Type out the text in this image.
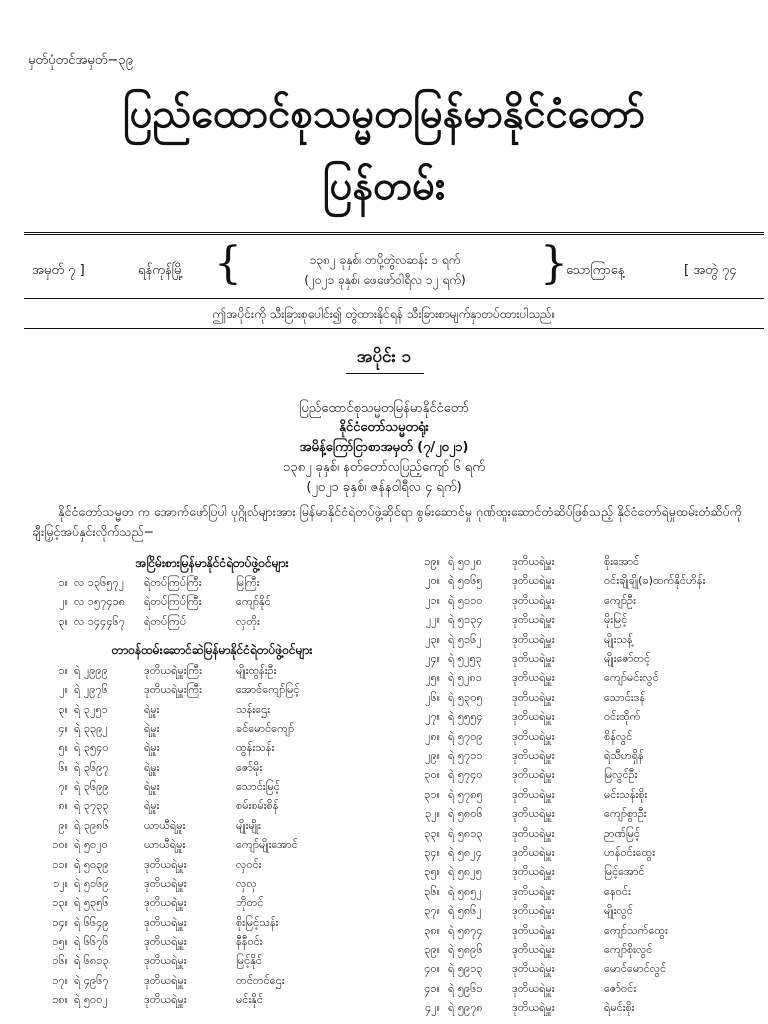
မှတ်ပုံတင်အမှတ်−၃၉
ပြည်ထောင်စုသမ္မတမြန်မာနိုင်ငံတော်
ပြန်တမ်း
အမှတ် ၇ ]	ရန်ကုန်မြို့ {	၁၃၈၂ ခုနှစ်၊ တပို့တွဲလဆန်း ၁ ရက်
(၂၀၂၁ ခုနှစ်၊ ဖေဖော်ဝါရီလ ၁၂ ရက်)	}
သောကြာနေ့	[ အတွဲ ၇၄
ဤအပိုင်းကို သီးခြားစုပေါင်း၍ တွဲထားနိုင်ရန် သီးခြားစာမျက်နှာတပ်ထားပါသည်။
အပိုင်း ၁
ပြည်ထောင်စုသမ္မတမြန်မာနိုင်ငံတော်
နိုင်ငံတော်သမ္မတရုံး
အမိန့်ကြော်ငြာစာအမှတ် (၇/၂၀၂၁)
၁၃၈၂ ခုနှစ်၊ နတ်တော်လပြည့်ကျော် ၆ ရက်
(၂၀၂၁ ခုနှစ်၊ ဇန်နဝါရီလ ၄ ရက်)
နိုင်ငံတော်သမ္မတ က အောက်ဖော်ပြပါ ပုဂ္ဂိုလ်များအား မြန်မာနိုင်ငံရဲတပ်ဖွဲ့ဆိုင်ရာ စွမ်းဆောင်မှု ဂုဏ်ထူးဆောင်တံဆိပ်ဖြစ်သည့် နိုင်ငံတော်ရဲမှုထမ်းတံဆိပ်ကို ချီးမြှင့်အပ်နှင်းလိုက်သည်−
အငြိမ်းစားမြန်မာနိုင်ငံရဲတပ်ဖွဲ့ဝင်များ
၁။ လ ၁၃၆၅၇၂ ရဲတပ်ကြပ်ကြီး	မြကြီး
၂။ လ ၁၅၇၄၁၈ ရဲတပ်ကြပ်ကြီး	ကျော်နိုင်
၃။ လ ၁၄၄၄၆၇ ရဲတပ်ကြပ်	လှတိုး
တာဝန်ထမ်းဆောင်ဆဲမြန်မာနိုင်ငံရဲတပ်ဖွဲ့ဝင်များ
၁။ ရဲ ၂၉၉၉	ဒုတိယရဲမှူးကြီး	မျိုးထွန်းဦး
၂။ ရဲ ၂၉၇၆	ဒုတိယရဲမှူးကြီး	အောင်ကျော်မြင့်
၃။ ရဲ ၃၂၅၁	ရဲမှူး	သန်းဌေး
၄။ ရဲ ၃၃၉၂	ရဲမှူး	ခင်မောင်ကျော်
၅။ ရဲ ၃၅၄၀	ရဲမှူး	ထွန်းသန်း
၆။ ရဲ ၃၆၉၇	ရဲမှူး	ဇော်မိုး
၇။ ရဲ ၃၆၉၉	ရဲမှူး	သောင်းမြင့်
၈။ ရဲ ၃၇၃၃	ရဲမှူး	စမ်းစမ်းစိန်
၉။ ရဲ ၃၉၈၆	ယာယီရဲမှူး	မျိုးမျိုး
၁၀။ ရဲ ၅၀၂၀	ယာယီရဲမှူး	ကျော်မျိုးအောင်
၁၁။ ရဲ ၅၀၃၉	ဒုတိယရဲမှူး	လှဝင်း
၁၂။ ရဲ ၅၁၆၉	ဒုတိယရဲမှူး	လှလှ
၁၃။ ရဲ ၅၃၅၆	ဒုတိယရဲမှူး	ဘိုတင်
၁၄။ ရဲ ၆၆၄၉	ဒုတိယရဲမှူး	စိုးမြင့်သန်း
၁၅။ ရဲ ၆၆၇၆	ဒုတိယရဲမှူး	နီနီဝင်း
၁၆။ ရဲ ၆၈၁၃	ဒုတိယရဲမှူး	မြင့်နိုင်
၁၇။ ရဲ ၄၉၆၇	ဒုတိယရဲမှူး	တင်တင်ဌေး
၁၈။ ရဲ ၅၀၀၂	ဒုတိယရဲမှူး	မင်းနိုင်
၁၉။ ရဲ ၅၀၂၈	ဒုတိယရဲမှူး	စိုးအောင်
၂၀။ ရဲ ၅၀၆၅	ဒုတိယရဲမှူး	ဝင်းချိုချို(ခ)ထက်နိုင်ဟိန်း
၂၁။ ရဲ ၅၁၁၀	ဒုတိယရဲမှူး	ကျော်ဦး
၂၂။ ရဲ ၅၁၃၄	ဒုတိယရဲမှူး	မိုးမြင့်
၂၃။ ရဲ ၅၁၆၂	ဒုတိယရဲမှူး	မျိုးသန့်
၂၄။ ရဲ ၅၂၅၃	ဒုတိယရဲမှူး	မျိုးဇော်တင့်
၂၅။ ရဲ ၅၂၈၁	ဒုတိယရဲမှူး	ကျော်မင်းလွင်
၂၆။ ရဲ ၅၃၀၅	ဒုတိယရဲမှူး	သောင်းဒန်
၂၇။ ရဲ ၅၅၅၄	ဒုတိယရဲမှူး	ဝင်းထိုက်
၂၈။ ရဲ ၅၇၀၉	ဒုတိယရဲမှူး	စိန်လွင်
၂၉။ ရဲ ၅၇၁၁	ဒုတိယရဲမှူး	ရဲသီဟရှိန်
၃၀။ ရဲ ၅၇၄၀	ဒုတိယရဲမှူး	မြလွင်ဦး
၃၁။ ရဲ ၅၇၈၅	ဒုတိယရဲမှူး	မင်းသန်းစိုး
၃၂။ ရဲ ၅၈၀၆	ဒုတိယရဲမှူး	ကျော်စွာဦး
၃၃။ ရဲ ၅၈၁၃	ဒုတိယရဲမှူး	ဉာဏ်မြင့်
၃၄။ ရဲ ၅၈၂၄	ဒုတိယရဲမှူး	ဟန်ဝင်းထွေး
၃၅။ ရဲ ၅၈၂၅	ဒုတိယရဲမှူး	မြင့်အောင်
၃၆။ ရဲ ၅၈၅၂	ဒုတိယရဲမှူး	နေဝင်း
၃၇။ ရဲ ၅၈၆၂	ဒုတိယရဲမှူး	မျိုးလွင်
၃၈။ ရဲ ၅၈၇၄	ဒုတိယရဲမှူး	ကျော်သက်ထွေး
၃၉။ ရဲ ၅၈၉၆	ဒုတိယရဲမှူး	ကျော်စိုးလွင်
၄၀။ ရဲ ၅၉၁၃	ဒုတိယရဲမှူး	မောင်မောင်လွင်
၄၁။ ရဲ ၅၉၆၁	ဒုတိယရဲမှူး	ဇော်ဝင်း
၄၂။ ရဲ ၅၉၇၈	ဒုတိယရဲမှူး	ရဲမင်းစိုး
